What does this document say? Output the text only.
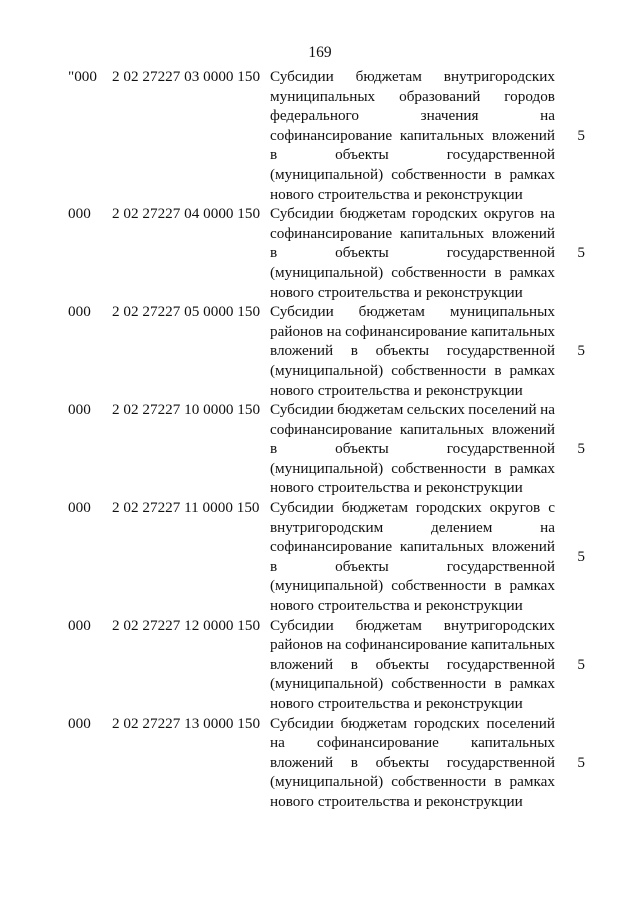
169
"000 2 02 27227 03 0000 150 Субсидии бюджетам внутригородских
муниципальных образований городов
федерального	значения	на
софинансирование капитальных вложений
в	объекты	государственной
(муниципальной) собственности в рамках
нового строительства и реконструкции
5
000	2 02 27227 04 0000 150 Субсидии бюджетам городских округов на
софинансирование капитальных вложений
в	объекты	государственной
(муниципальной) собственности в рамках
нового строительства и реконструкции
5
000	2 02 27227 05 0000 150 Субсидии бюджетам муниципальных
районов на софинансирование капитальных
вложений в объекты государственной
(муниципальной) собственности в рамках
нового строительства и реконструкции
5
000	2 02 27227 10 0000 150 Субсидии бюджетам сельских поселений на
софинансирование капитальных вложений
в	объекты	государственной
(муниципальной) собственности в рамках
нового строительства и реконструкции
5
000	2 02 27227 11 0000 150 Субсидии бюджетам городских округов с
внутригородским	делением	на
софинансирование капитальных вложений
в	объекты	государственной
(муниципальной) собственности в рамках
нового строительства и реконструкции
5
000	2 02 27227 12 0000 150 Субсидии бюджетам внутригородских
районов на софинансирование капитальных
вложений в объекты государственной
(муниципальной) собственности в рамках
нового строительства и реконструкции
5
000	2 02 27227 13 0000 150 Субсидии бюджетам городских поселений
на софинансирование капитальных
вложений в объекты государственной
(муниципальной) собственности в рамках
нового строительства и реконструкции
5
